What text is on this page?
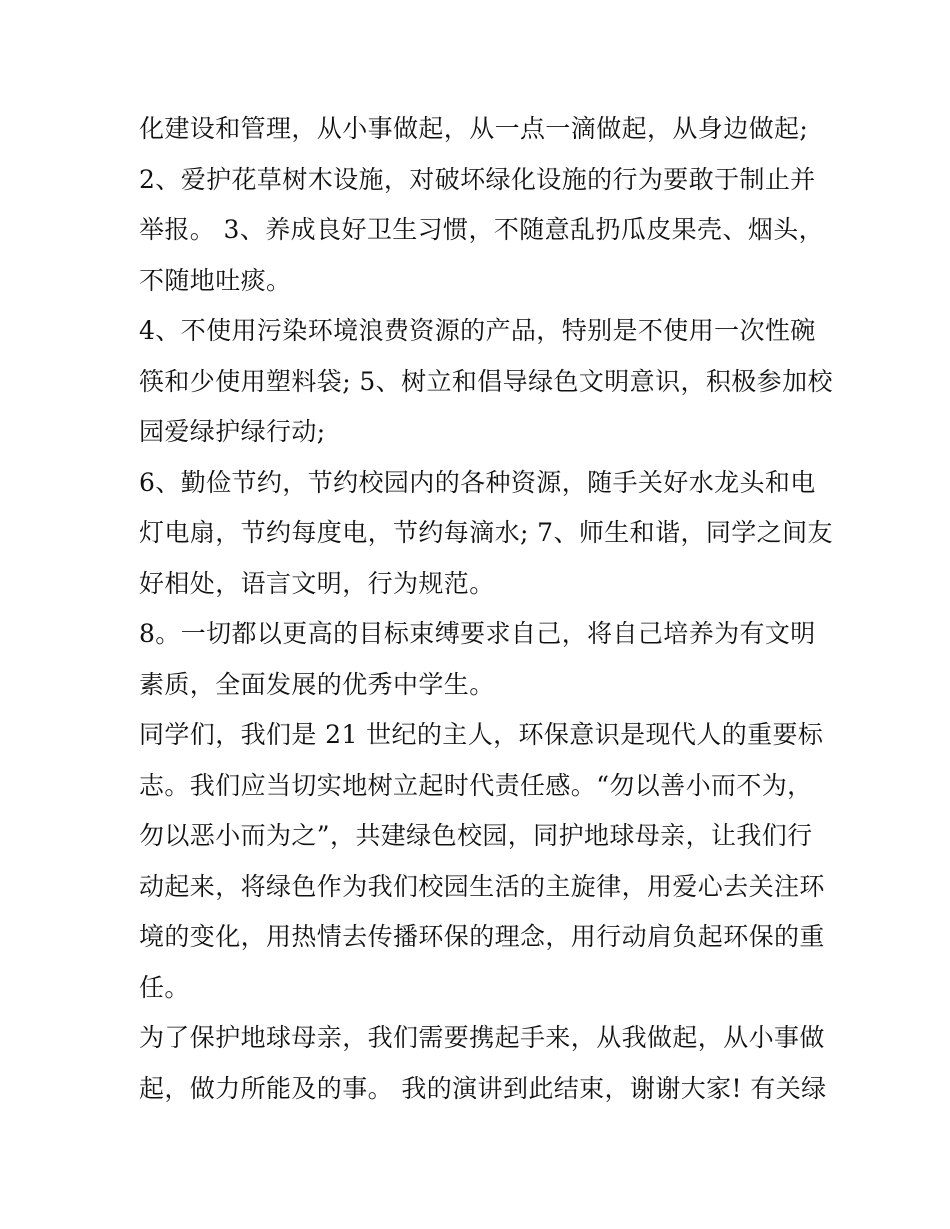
化建设和管理，从小事做起，从一点一滴做起，从身边做起;
2、爱护花草树木设施，对破坏绿化设施的行为要敢于制止并
举报。 3、养成良好卫生习惯，不随意乱扔瓜皮果壳、烟头，
不随地吐痰。
4、不使用污染环境浪费资源的产品，特别是不使用一次性碗
筷和少使用塑料袋; 5、树立和倡导绿色文明意识，积极参加校
园爱绿护绿行动;
6、勤俭节约，节约校园内的各种资源，随手关好水龙头和电
灯电扇，节约每度电，节约每滴水; 7、师生和谐，同学之间友
好相处，语言文明，行为规范。
8。一切都以更高的目标束缚要求自己，将自己培养为有文明
素质，全面发展的优秀中学生。
同学们，我们是 21 世纪的主人，环保意识是现代人的重要标
志。我们应当切实地树立起时代责任感。“勿以善小而不为，
勿以恶小而为之”，共建绿色校园，同护地球母亲，让我们行
动起来，将绿色作为我们校园生活的主旋律，用爱心去关注环
境的变化，用热情去传播环保的理念，用行动肩负起环保的重
任。
为了保护地球母亲，我们需要携起手来，从我做起，从小事做
起，做力所能及的事。 我的演讲到此结束，谢谢大家! 有关绿
